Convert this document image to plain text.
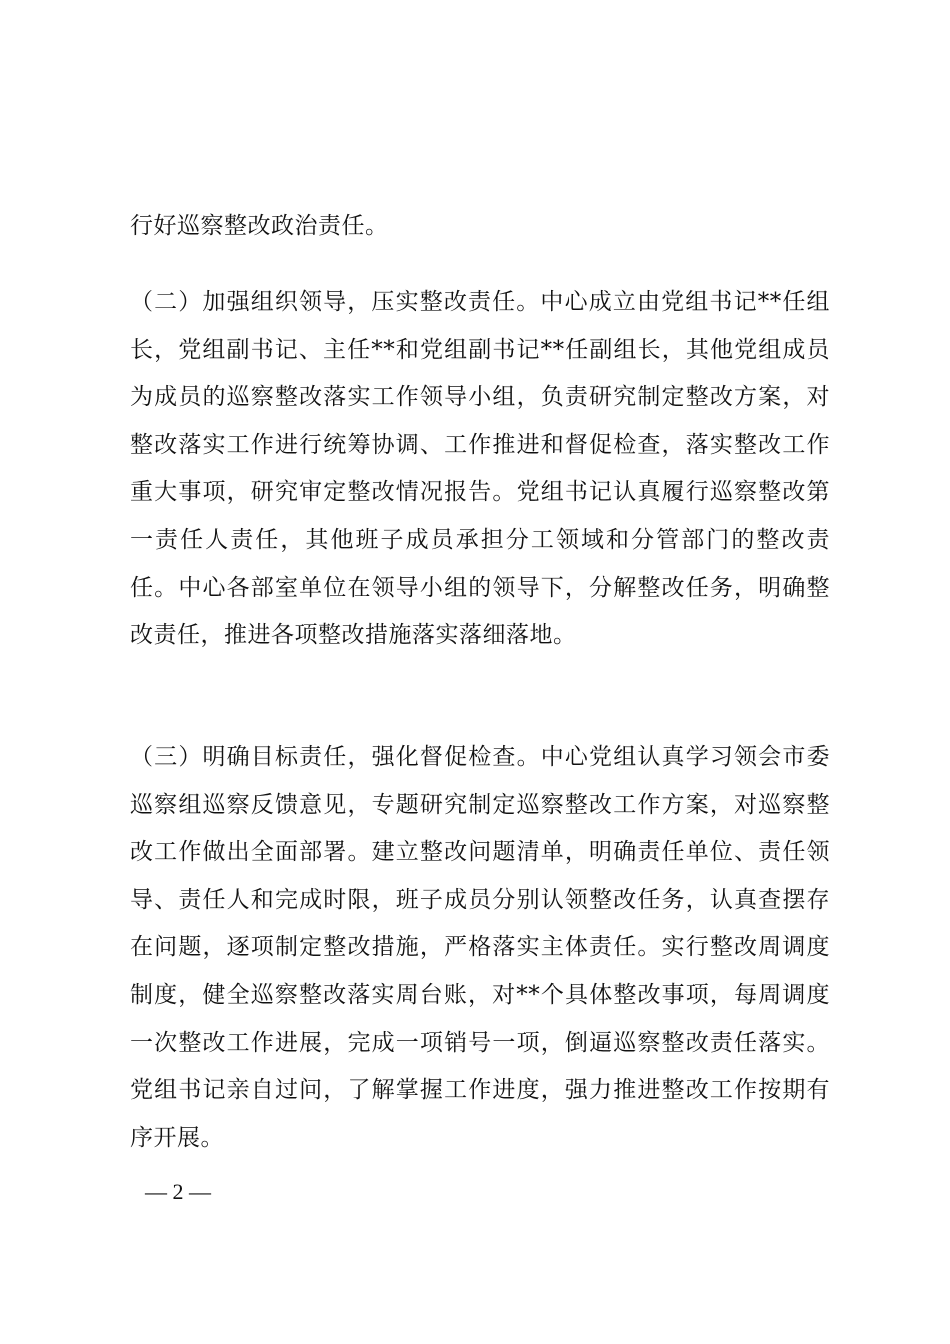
行好巡察整改政治责任。

（二）加强组织领导，压实整改责任。中心成立由党组书记**任组长，党组副书记、主任**和党组副书记**任副组长，其他党组成员为成员的巡察整改落实工作领导小组，负责研究制定整改方案，对整改落实工作进行统筹协调、工作推进和督促检查，落实整改工作重大事项，研究审定整改情况报告。党组书记认真履行巡察整改第一责任人责任，其他班子成员承担分工领域和分管部门的整改责任。中心各部室单位在领导小组的领导下，分解整改任务，明确整改责任，推进各项整改措施落实落细落地。

（三）明确目标责任，强化督促检查。中心党组认真学习领会市委巡察组巡察反馈意见，专题研究制定巡察整改工作方案，对巡察整改工作做出全面部署。建立整改问题清单，明确责任单位、责任领导、责任人和完成时限，班子成员分别认领整改任务，认真查摆存在问题，逐项制定整改措施，严格落实主体责任。实行整改周调度制度，健全巡察整改落实周台账，对**个具体整改事项，每周调度一次整改工作进展，完成一项销号一项，倒逼巡察整改责任落实。党组书记亲自过问，了解掌握工作进度，强力推进整改工作按期有序开展。

— 2 —
